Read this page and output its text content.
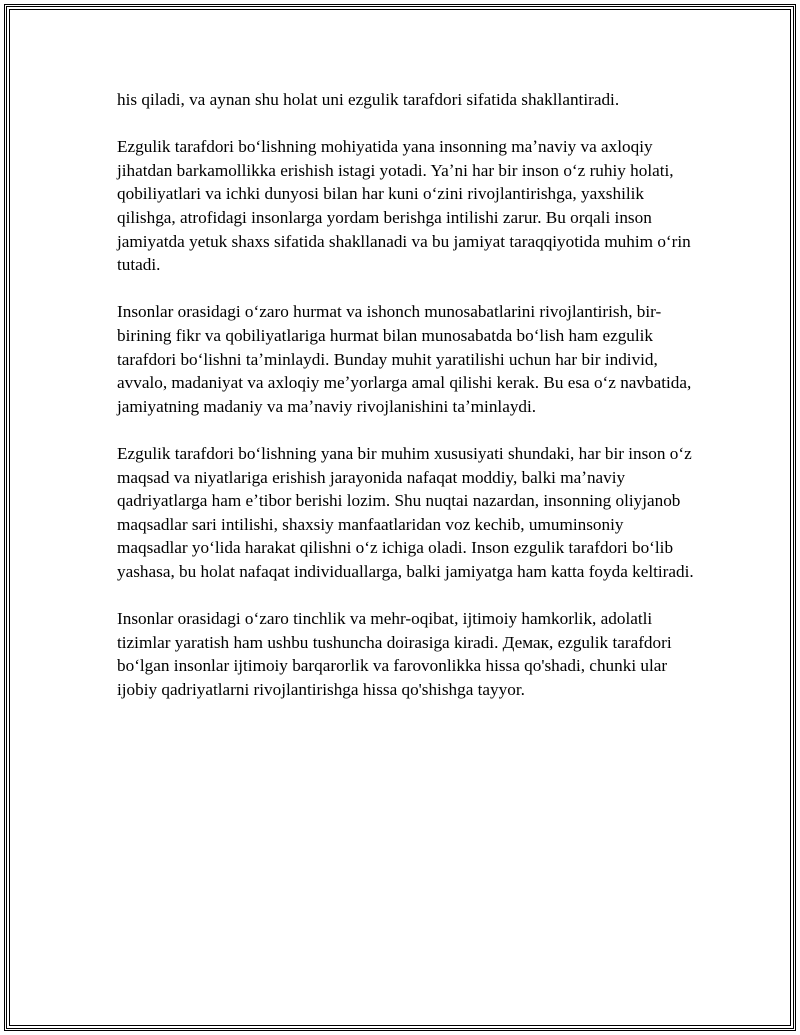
his qiladi, va aynan shu holat uni ezgulik tarafdori sifatida shakllantiradi.

Ezgulik tarafdori boʻlishning mohiyatida yana insonning maʼnaviy va axloqiy jihatdan barkamollikka erishish istagi yotadi. Yaʼni har bir inson oʻz ruhiy holati, qobiliyatlari va ichki dunyosi bilan har kuni oʻzini rivojlantirishga, yaxshilik qilishga, atrofidagi insonlarga yordam berishga intilishi zarur. Bu orqali inson jamiyatda yetuk shaxs sifatida shakllanadi va bu jamiyat taraqqiyotida muhim oʻrin tutadi.

Insonlar orasidagi oʻzaro hurmat va ishonch munosabatlarini rivojlantirish, bir-birining fikr va qobiliyatlariga hurmat bilan munosabatda boʻlish ham ezgulik tarafdori boʻlishni taʼminlaydi. Bunday muhit yaratilishi uchun har bir individ, avvalo, madaniyat va axloqiy meʼyorlarga amal qilishi kerak. Bu esa oʻz navbatida, jamiyatning madaniy va maʼnaviy rivojlanishini taʼminlaydi.

Ezgulik tarafdori boʻlishning yana bir muhim xususiyati shundaki, har bir inson oʻz maqsad va niyatlariga erishish jarayonida nafaqat moddiy, balki maʼnaviy qadriyatlarga ham eʼtibor berishi lozim. Shu nuqtai nazardan, insonning oliyjanob maqsadlar sari intilishi, shaxsiy manfaatlaridan voz kechib, umuminsoniy maqsadlar yoʻlida harakat qilishni oʻz ichiga oladi. Inson ezgulik tarafdori boʻlib yashasa, bu holat nafaqat individuallarga, balki jamiyatga ham katta foyda keltiradi.

Insonlar orasidagi oʻzaro tinchlik va mehr-oqibat, ijtimoiy hamkorlik, adolatli tizimlar yaratish ham ushbu tushuncha doirasiga kiradi. Демак, ezgulik tarafdori boʻlgan insonlar ijtimoiy barqarorlik va farovonlikka hissa qo'shadi, chunki ular ijobiy qadriyatlarni rivojlantirishga hissa qo'shishga tayyor.
